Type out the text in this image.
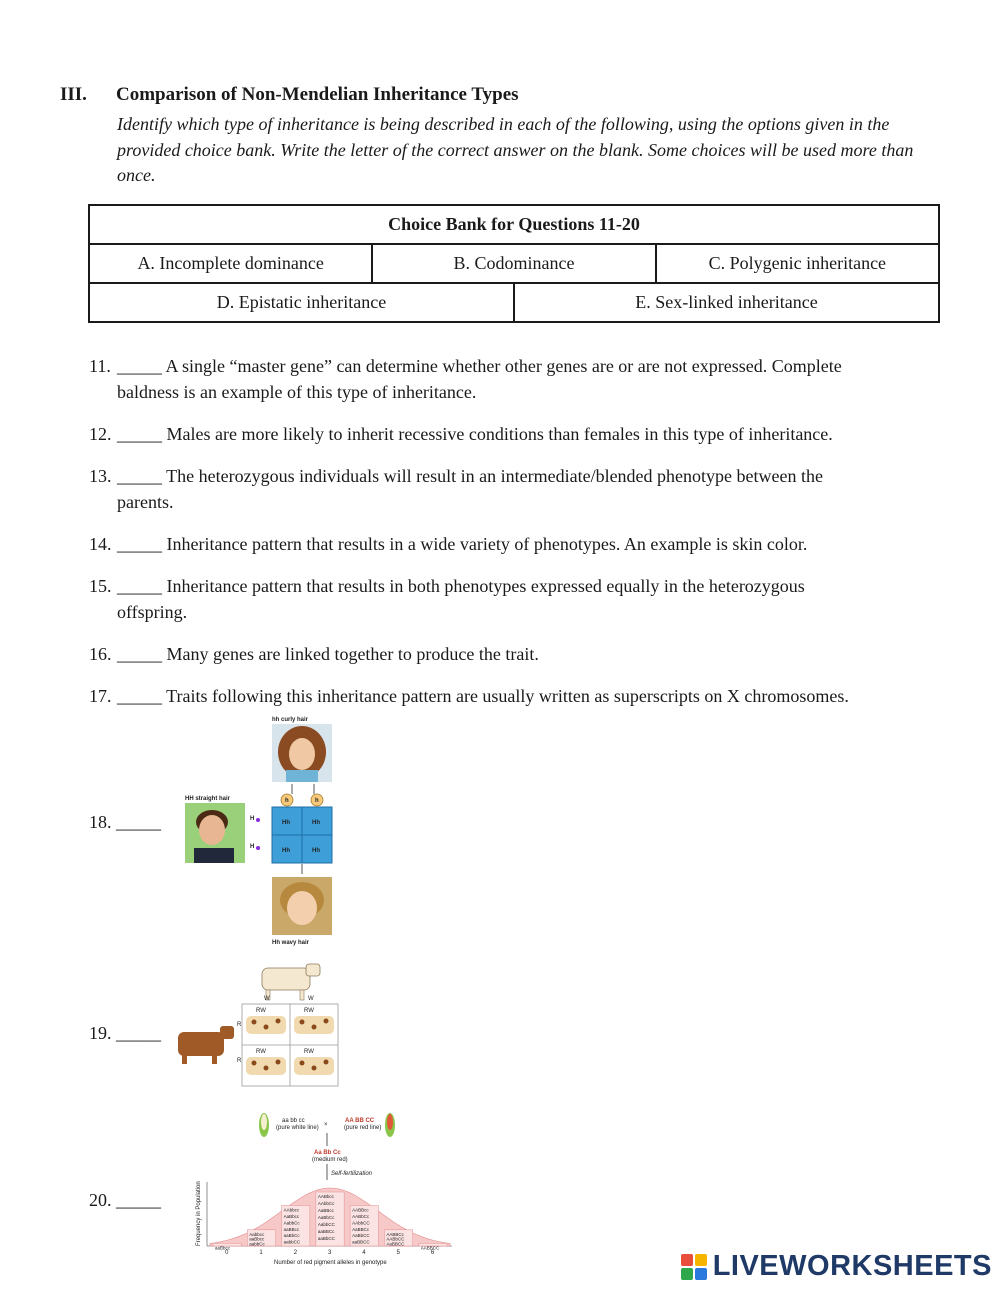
III. Comparison of Non-Mendelian Inheritance Types
Identify which type of inheritance is being described in each of the following, using the options given in the provided choice bank. Write the letter of the correct answer on the blank. Some choices will be used more than once.
Choice Bank for Questions 11-20			
A. Incomplete dominance	B. Codominance		C. Polygenic inheritance
D. Epistatic inheritance		E. Sex-linked inheritance	
11. _____ A single “master gene” can determine whether other genes are or are not expressed. Complete
baldness is an example of this type of inheritance.
12. _____ Males are more likely to inherit recessive conditions than females in this type of inheritance.
13. _____ The heterozygous individuals will result in an intermediate/blended phenotype between the
parents.
14. _____ Inheritance pattern that results in a wide variety of phenotypes. An example is skin color.
15. _____ Inheritance pattern that results in both phenotypes expressed equally in the heterozygous
offspring.
16. _____ Many genes are linked together to produce the trait.
17. _____ Traits following this inheritance pattern are usually written as superscripts on X chromosomes.
18. _____
19. _____
20. _____
hh curly hair
h	h
HH straight hair
H
H
Hh	Hh
Hh	Hh
Hh wavy hair
W	W
R
R
RW	RW
RW	RW
aa bb cc
(pure white line) ×
AA BB CC
(pure red line)
Aa Bb Cc
(medium red)
Self-fertilization
Frequency in Population
aaBbcc
Aabbcc
aaBbcc
aabbCc
AAbbcc
AaBbcc
AabbCc
aaBBcc
aaBbCc
aabbCC
AABbcc
AAbbCc
AaBBcc
AaBbCc
AabbCC
aaBBCc
aaBbCC
AABBcc
AABbCc
AAbbCC
AaBBCc
AaBbCC
aaBBCC
AABBCc
AABbCC
AaBBCC
AABBCC
0	1	2	3	4	5	6
Number of red pigment alleles in genotype	LIVEWORKSHEETS
